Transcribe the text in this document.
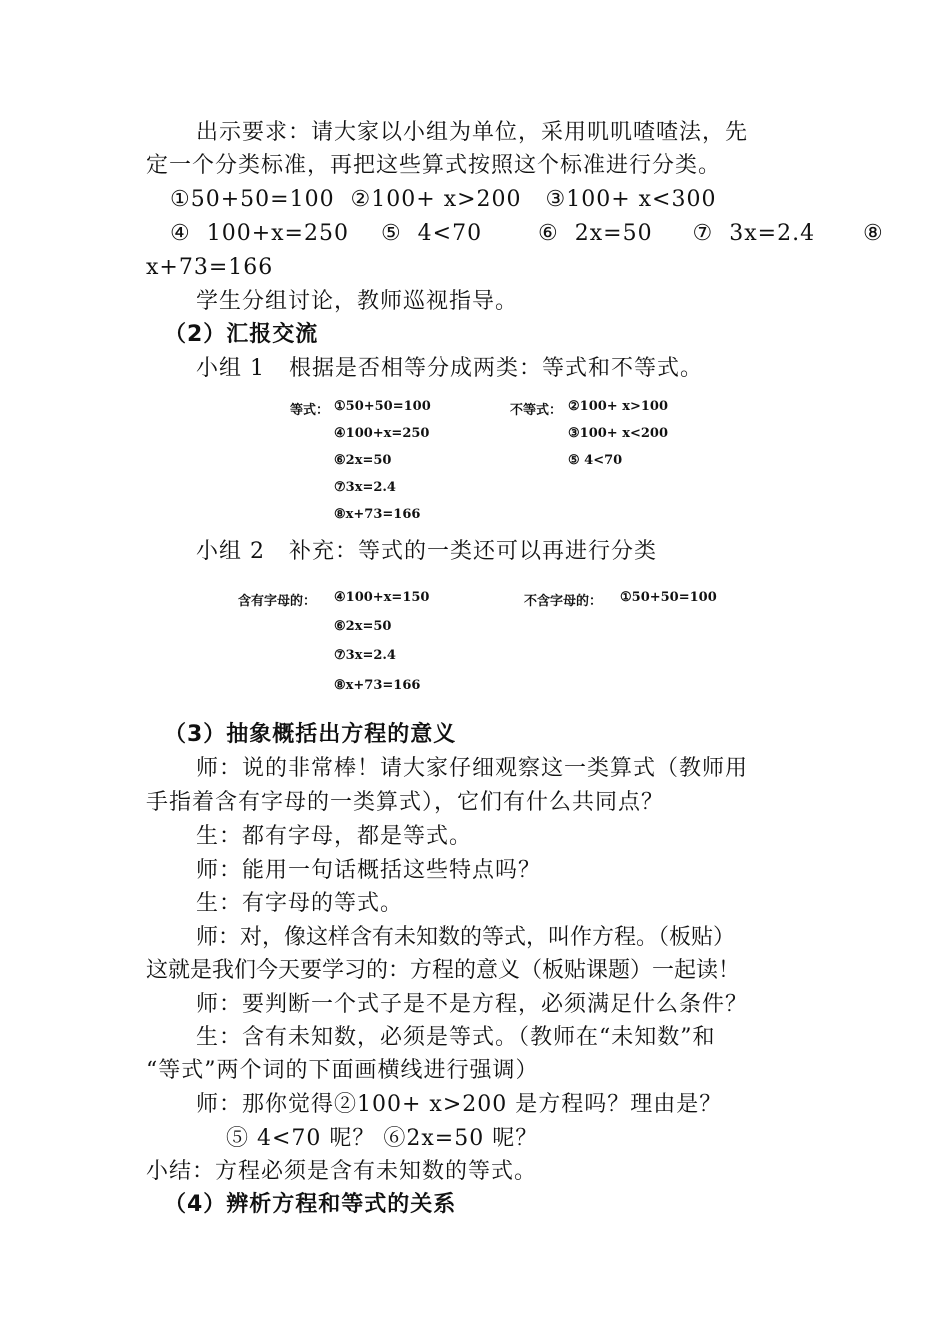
出示要求：请大家以小组为单位，采用叽叽喳喳法，先
定一个分类标准，再把这些算式按照这个标准进行分类。
①50+50=100  ②100+ x>200   ③100+ x<300
④  100+x=250    ⑤  4<70       ⑥  2x=50     ⑦  3x=2.4      ⑧
x+73=166
学生分组讨论，教师巡视指导。
（2）汇报交流
小组 1   根据是否相等分成两类：等式和不等式。
等式： ①50+50=100
④100+x=250
⑥2x=50
⑦3x=2.4
⑧x+73=166
不等式： ②100+ x>100
③100+ x<200
⑤ 4<70
小组 2   补充：等式的一类还可以再进行分类
含有字母的： ④100+x=150
⑥2x=50
⑦3x=2.4
⑧x+73=166
不含字母的： ①50+50=100
（3）抽象概括出方程的意义
师：说的非常棒！请大家仔细观察这一类算式（教师用
手指着含有字母的一类算式），它们有什么共同点？
生：都有字母，都是等式。
师：能用一句话概括这些特点吗？
生：有字母的等式。
师：对，像这样含有未知数的等式，叫作方程。（板贴）
这就是我们今天要学习的：方程的意义（板贴课题）一起读！
师：要判断一个式子是不是方程，必须满足什么条件？
生：含有未知数，必须是等式。（教师在“未知数”和
“等式”两个词的下面画横线进行强调）
师：那你觉得②100+ x>200 是方程吗？理由是？
⑤ 4<70 呢？ ⑥2x=50 呢？
小结：方程必须是含有未知数的等式。
（4）辨析方程和等式的关系
